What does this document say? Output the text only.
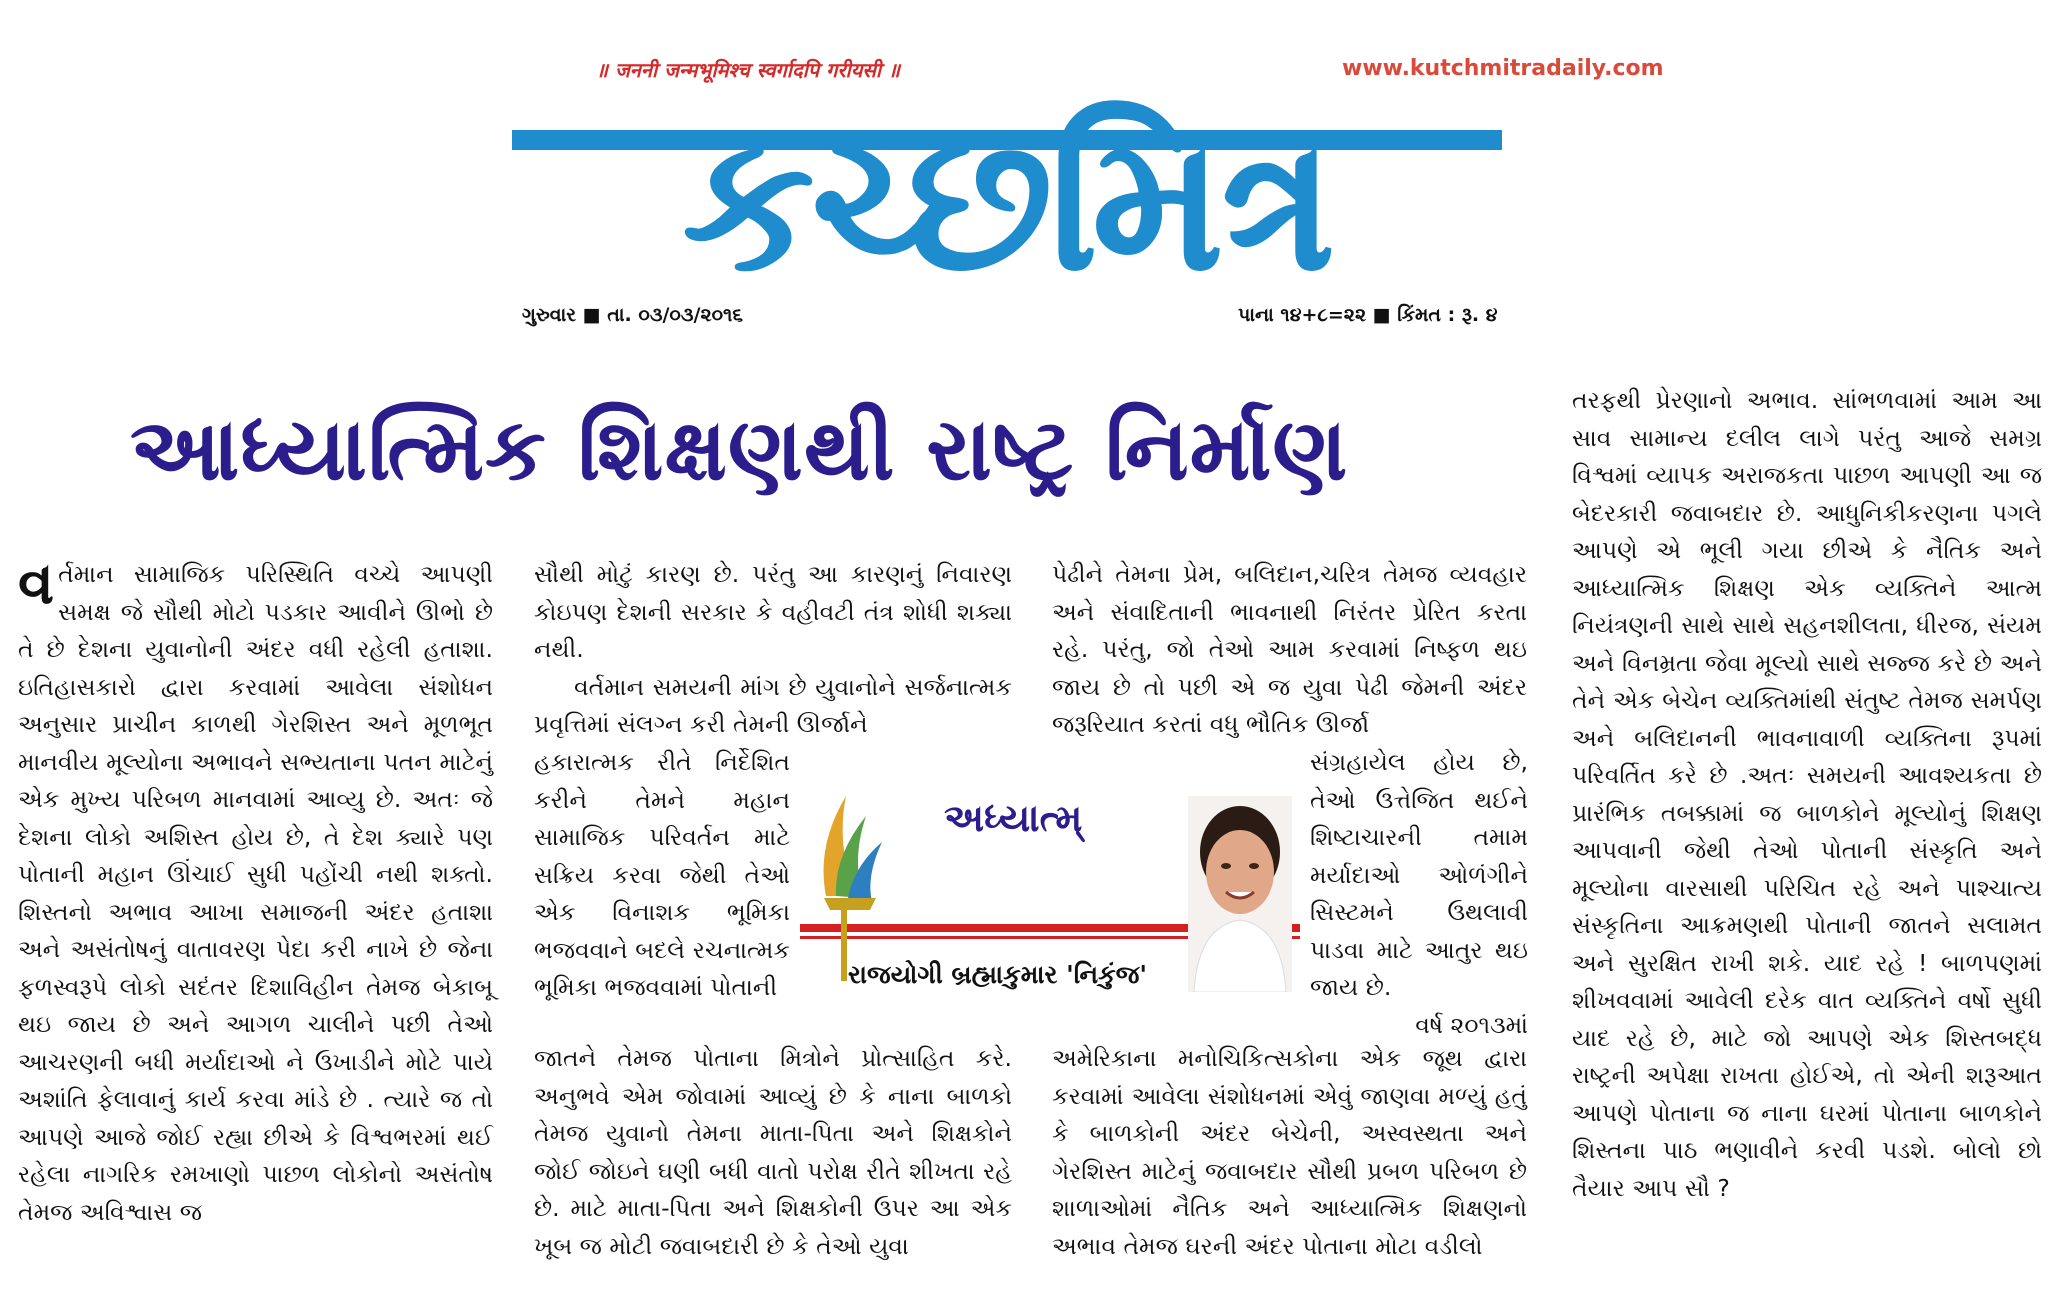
॥ जननी जन्मभूमिश्च स्वर्गादपि गरीयसी ॥	www.kutchmitradaily.com
કચ્છમિત્ર
ગુરુવાર ■ તા. ૦૩/૦૩/૨૦૧૬	પાના ૧૪+૮=૨૨ ■ કિંમત : રૂ. ૪
આધ્યાત્મિક શિક્ષણથી રાષ્ટ્ર નિર્માણ

વ ર્તમાન સામાજિક પરિસ્થિતિ વચ્ચે આપણી સમક્ષ જે સૌથી મોટો પડકાર આવીને ઊભો છે તે છે દેશના યુવાનોની અંદર વધી રહેલી હતાશા. ઇતિહાસકારો દ્વારા કરવામાં આવેલા સંશોધન અનુસાર પ્રાચીન કાળથી ગેરશિસ્ત અને મૂળભૂત માનવીય મૂલ્યોના અભાવને સભ્યતાના પતન માટેનું એક મુખ્ય પરિબળ માનવામાં આવ્યુ છે. અતઃ જે દેશના લોકો અશિસ્ત હોય છે, તે દેશ ક્યારે પણ પોતાની મહાન ઊંચાઈ સુધી પહોંચી નથી શક્તો. શિસ્તનો અભાવ આખા સમાજની અંદર હતાશા અને અસંતોષનું વાતાવરણ પેદા કરી નાખે છે જેના ફળસ્વરૂપે લોકો સદંતર દિશાવિહીન તેમજ બેકાબૂ થઇ જાય છે અને આગળ ચાલીને પછી તેઓ આચરણની બધી મર્યાદાઓ ને ઉખાડીને મોટે પાયે અશાંતિ ફેલાવાનું કાર્ય કરવા માંડે છે . ત્યારે જ તો આપણે આજે જોઈ રહ્યા છીએ કે વિશ્વભરમાં થઈ રહેલા નાગરિક રમખાણો પાછળ લોકોનો અસંતોષ તેમજ અવિશ્વાસ જ

સૌથી મોટું કારણ છે. પરંતુ આ કારણનું નિવારણ કોઇપણ દેશની સરકાર કે વહીવટી તંત્ર શોધી શક્યા નથી.

વર્તમાન સમયની માંગ છે યુવાનોને સર્જનાત્મક પ્રવૃત્તિમાં સંલગ્ન કરી તેમની ઊર્જાને

હકારાત્મક રીતે નિર્દેશિત કરીને તેમને મહાન સામાજિક પરિવર્તન માટે સક્રિય કરવા જેથી તેઓ એક વિનાશક ભૂમિકા ભજવવાને બદલે રચનાત્મક ભૂમિકા ભજવવામાં પોતાની

જાતને તેમજ પોતાના મિત્રોને પ્રોત્સાહિત કરે. અનુભવે એમ જોવામાં આવ્યું છે કે નાના બાળકો તેમજ યુવાનો તેમના માતા-પિતા અને શિક્ષકોને જોઈ જોઇને ઘણી બધી વાતો પરોક્ષ રીતે શીખતા રહે છે. માટે માતા-પિતા અને શિક્ષકોની ઉપર આ એક ખૂબ જ મોટી જવાબદારી છે કે તેઓ યુવા

પેઢીને તેમના પ્રેમ, બલિદાન,ચરિત્ર તેમજ વ્યવહાર અને સંવાદિતાની ભાવનાથી નિરંતર પ્રેરિત કરતા રહે. પરંતુ, જો તેઓ આમ કરવામાં નિષ્ફળ થઇ જાય છે તો પછી એ જ યુવા પેઢી જેમની અંદર જરૂરિયાત કરતાં વધુ ભૌતિક ઊર્જા

સંગ્રહાયેલ હોય છે, તેઓ ઉત્તેજિત થઈને શિષ્ટાચારની તમામ મર્યાદાઓ ઓળંગીને સિસ્ટમને ઉથલાવી પાડવા માટે આતુર થઇ જાય છે.

વર્ષ ૨૦૧૩માં

અમેરિકાના મનોચિકિત્સકોના એક જૂથ દ્વારા કરવામાં આવેલા સંશોધનમાં એવું જાણવા મળ્યું હતું કે બાળકોની અંદર બેચેની, અસ્વસ્થતા અને ગેરશિસ્ત માટેનું જવાબદાર સૌથી પ્રબળ પરિબળ છે શાળાઓમાં નૈતિક અને આધ્યાત્મિક શિક્ષણનો અભાવ તેમજ ઘરની અંદર પોતાના મોટા વડીલો

તરફથી પ્રેરણાનો અભાવ. સાંભળવામાં આમ આ સાવ સામાન્ય દલીલ લાગે પરંતુ આજે સમગ્ર વિશ્વમાં વ્યાપક અરાજકતા પાછળ આપણી આ જ બેદરકારી જવાબદાર છે. આધુનિકીકરણના પગલે આપણે એ ભૂલી ગયા છીએ કે નૈતિક અને આધ્યાત્મિક શિક્ષણ એક વ્યક્તિને આત્મ નિયંત્રણની સાથે સાથે સહનશીલતા, ધીરજ, સંયમ અને વિનમ્રતા જેવા મૂલ્યો સાથે સજ્જ કરે છે અને તેને એક બેચેન વ્યક્તિમાંથી સંતુષ્ટ તેમજ સમર્પણ અને બલિદાનની ભાવનાવાળી વ્યક્તિના રૂપમાં પરિવર્તિત કરે છે .અતઃ સમયની આવશ્યકતા છે પ્રારંભિક તબક્કામાં જ બાળકોને મૂલ્યોનું શિક્ષણ આપવાની જેથી તેઓ પોતાની સંસ્કૃતિ અને મૂલ્યોના વારસાથી પરિચિત રહે અને પાશ્ચાત્ય સંસ્કૃતિના આક્રમણથી પોતાની જાતને સલામત અને સુરક્ષિત રાખી શકે. યાદ રહે ! બાળપણમાં શીખવવામાં આવેલી દરેક વાત વ્યક્તિને વર્ષો સુધી યાદ રહે છે, માટે જો આપણે એક શિસ્તબદ્ધ રાષ્ટ્રની અપેક્ષા રાખતા હોઈએ, તો એની શરૂઆત આપણે પોતાના જ નાના ઘરમાં પોતાના બાળકોને શિસ્તના પાઠ ભણાવીને કરવી પડશે. બોલો છો તૈયાર આપ સૌ ?

અધ્યાત્મ્
રાજયોગી બ્રહ્માકુમાર 'નિકુંજ'
